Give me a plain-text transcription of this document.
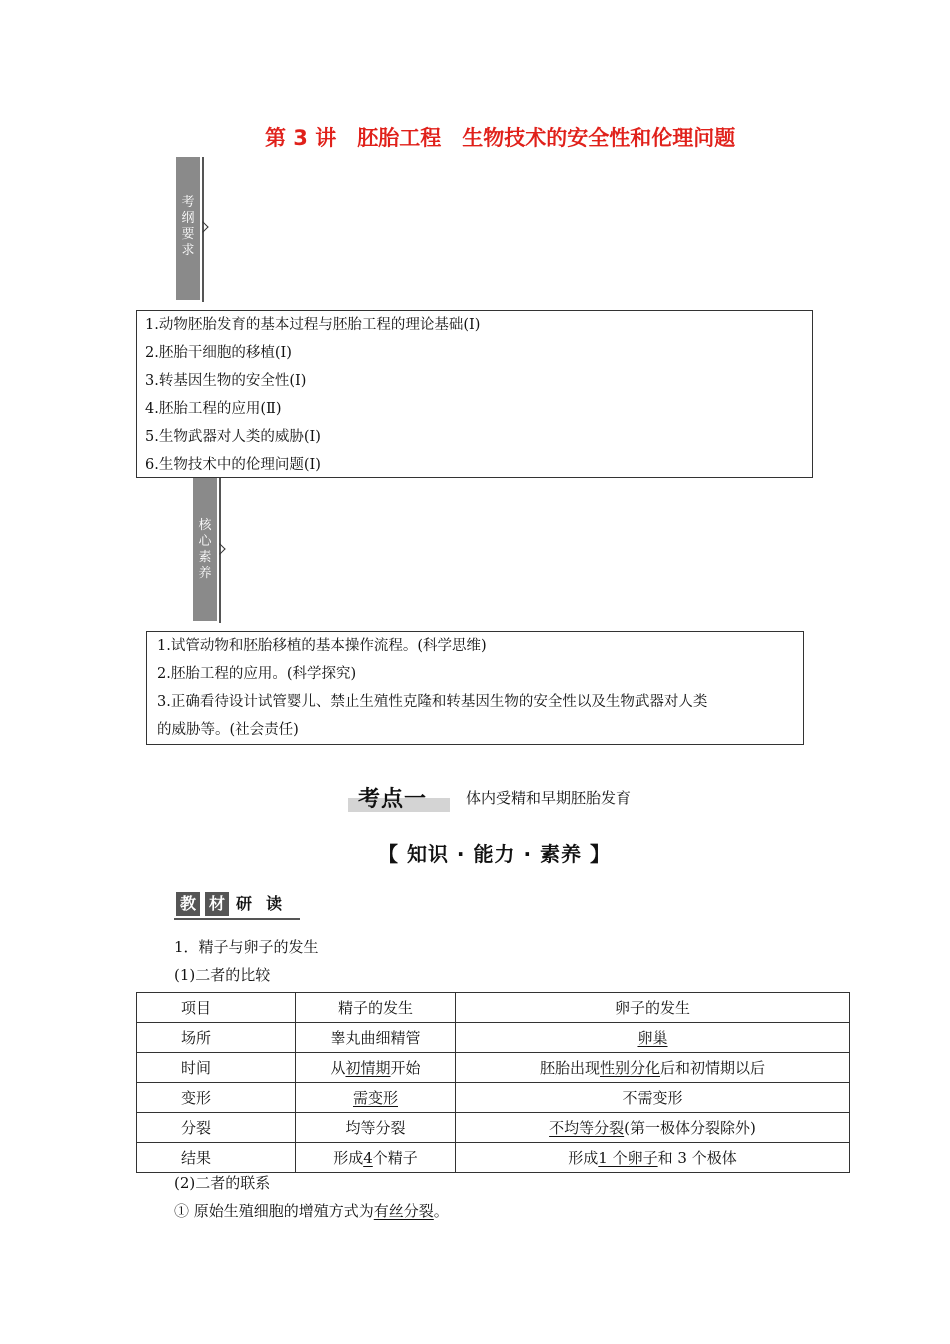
第 3 讲　胚胎工程　生物技术的安全性和伦理问题
考
纲
要
求
1.动物胚胎发育的基本过程与胚胎工程的理论基础(Ⅰ)
2.胚胎干细胞的移植(Ⅰ)
3.转基因生物的安全性(Ⅰ)
4.胚胎工程的应用(Ⅱ)
5.生物武器对人类的威胁(Ⅰ)
6.生物技术中的伦理问题(Ⅰ)
核
心
素
养
1.试管动物和胚胎移植的基本操作流程。(科学思维)
2.胚胎工程的应用。(科学探究)
3.正确看待设计试管婴儿、禁止生殖性克隆和转基因生物的安全性以及生物武器对人类
的威胁等。(社会责任)
考点一	体内受精和早期胚胎发育
【 知识 · 能力 · 素养 】
教 材 研 读
1．精子与卵子的发生
(1)二者的比较
项目	精子的发生	卵子的发生
场所	睾丸曲细精管	卵巢
时间	从初情期开始	胚胎出现性别分化后和初情期以后
变形	需变形	不需变形
分裂	均等分裂	不均等分裂(第一极体分裂除外)
结果	形成4个精子	形成1 个卵子和 3 个极体
(2)二者的联系
① 原始生殖细胞的增殖方式为有丝分裂。
